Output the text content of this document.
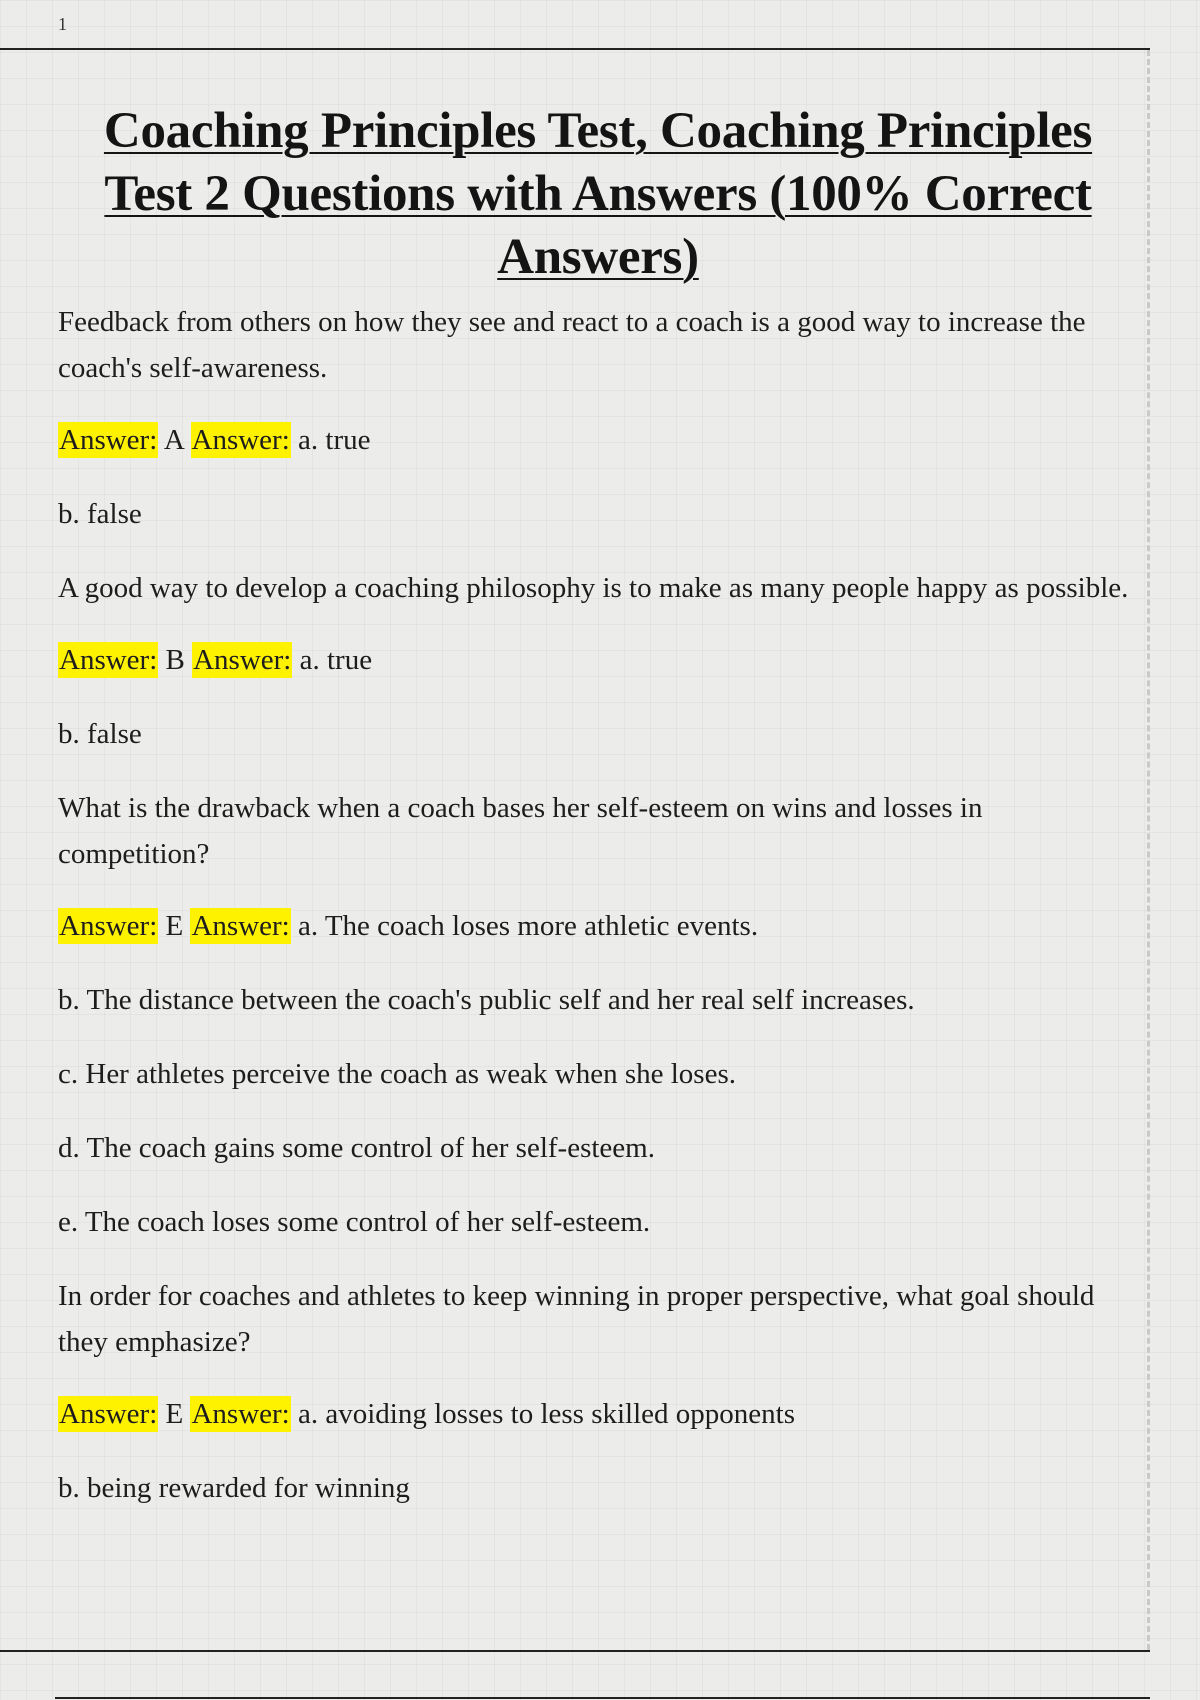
1
Coaching Principles Test, Coaching Principles Test 2 Questions with Answers (100% Correct Answers)

Feedback from others on how they see and react to a coach is a good way to increase the coach's self-awareness.

Answer: A Answer: a. true

b. false

A good way to develop a coaching philosophy is to make as many people happy as possible.

Answer: B Answer: a. true

b. false

What is the drawback when a coach bases her self-esteem on wins and losses in competition?

Answer: E Answer: a. The coach loses more athletic events.

b. The distance between the coach's public self and her real self increases.

c. Her athletes perceive the coach as weak when she loses.

d. The coach gains some control of her self-esteem.

e. The coach loses some control of her self-esteem.

In order for coaches and athletes to keep winning in proper perspective, what goal should they emphasize?

Answer: E Answer: a. avoiding losses to less skilled opponents

b. being rewarded for winning
